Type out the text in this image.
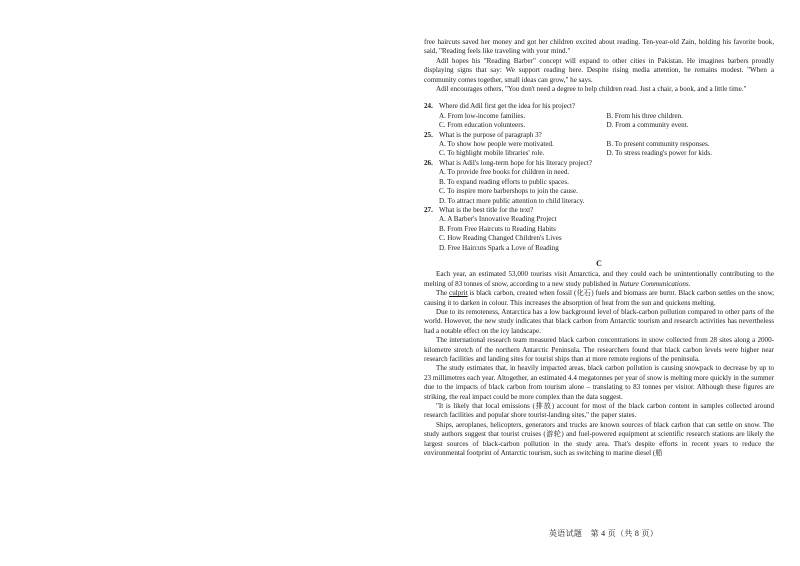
free haircuts saved her money and got her children excited about reading. Ten-year-old Zain, holding his favorite book, said, "Reading feels like traveling with your mind."

Adil hopes his "Reading Barber" concept will expand to other cities in Pakistan. He imagines barbers proudly displaying signs that say: We support reading here. Despite rising media attention, he remains modest. "When a community comes together, small ideas can grow," he says.

Adil encourages others, "You don't need a degree to help children read. Just a chair, a book, and a little time."

24. Where did Adil first get the idea for his project?
A. From low-income families.	B. From his three children.
C. From education volunteers.	D. From a community event.
25. What is the purpose of paragraph 3?
A. To show how people were motivated.	B. To present community responses.
C. To highlight mobile libraries' role.	D. To stress reading's power for kids.
26. What is Adil's long-term hope for his literacy project?
A. To provide free books for children in need.
B. To expand reading efforts to public spaces.
C. To inspire more barbershops to join the cause.
D. To attract more public attention to child literacy.
27. What is the best title for the text?
A. A Barber's Innovative Reading Project
B. From Free Haircuts to Reading Habits
C. How Reading Changed Children's Lives
D. Free Haircuts Spark a Love of Reading
C

Each year, an estimated 53,000 tourists visit Antarctica, and they could each be unintentionally contributing to the melting of 83 tonnes of snow, according to a new study published in Nature Communications.

The culprit is black carbon, created when fossil (化石) fuels and biomass are burnt. Black carbon settles on the snow, causing it to darken in colour. This increases the absorption of heat from the sun and quickens melting.

Due to its remoteness, Antarctica has a low background level of black-carbon pollution compared to other parts of the world. However, the new study indicates that black carbon from Antarctic tourism and research activities has nevertheless had a notable effect on the icy landscape.

The international research team measured black carbon concentrations in snow collected from 28 sites along a 2000-kilometre stretch of the northern Antarctic Peninsula. The researchers found that black carbon levels were higher near research facilities and landing sites for tourist ships than at more remote regions of the peninsula.

The study estimates that, in heavily impacted areas, black carbon pollution is causing snowpack to decrease by up to 23 millimetres each year. Altogether, an estimated 4.4 megatonnes per year of snow is melting more quickly in the summer due to the impacts of black carbon from tourism alone – translating to 83 tonnes per visitor. Although these figures are striking, the real impact could be more complex than the data suggest.

"It is likely that local emissions (排放) account for most of the black carbon content in samples collected around research facilities and popular shore tourist-landing sites," the paper states.

Ships, aeroplanes, helicopters, generators and trucks are known sources of black carbon that can settle on snow. The study authors suggest that tourist cruises (游轮) and fuel-powered equipment at scientific research stations are likely the largest sources of black-carbon pollution in the study area. That's despite efforts in recent years to reduce the environmental footprint of Antarctic tourism, such as switching to marine diesel (船

英语试题　第 4 页（共 8 页）
